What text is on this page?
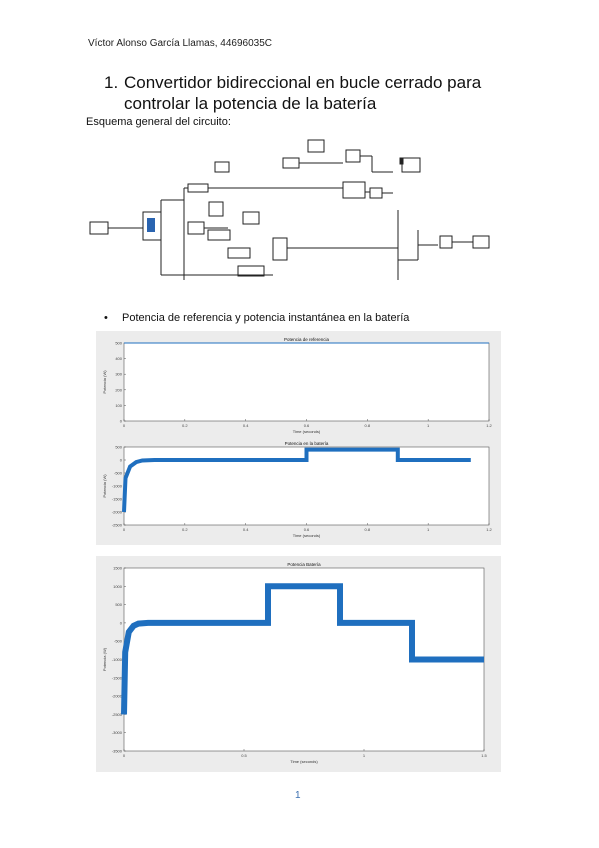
Víctor Alonso García Llamas, 44696035C
1. Convertidor bidireccional en bucle cerrado para
controlar la potencia de la batería
Esquema general del circuito:
• Potencia de referencia y potencia instantánea en la batería
Potencia de referencia
Time (seconds)
Potencia (W)
0	0.2	0.4	0.6	0.8	1	1.2
0
100
200
300
400
500
Potencia en la batería
Time (seconds)
Potencia (W)
0	0.2	0.4	0.6	0.8	1	1.2
-2500
-2000
-1500
-1000
-500
0
500
Potencia Batería
Time (seconds)
Potencia (W)
0	0.5	1	1.5
-3500
-3000
-2500
-2000
-1500
-1000
-500
0
500
1000
1500
1
